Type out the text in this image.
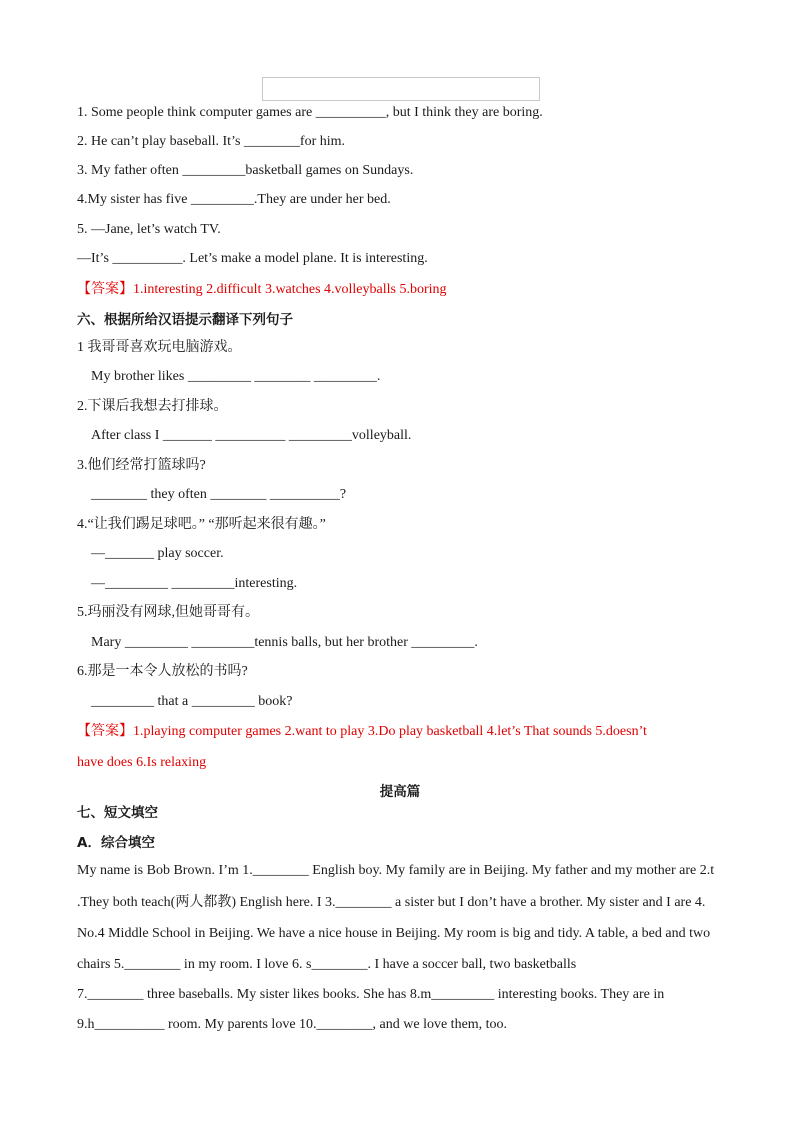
1. Some people think computer games are __________, but I think they are boring.
2. He can’t play baseball. It’s ________for him.
3. My father often _________basketball games on Sundays.
4.My sister has five _________.They are under her bed.
5. —Jane, let’s watch TV.
—It’s __________. Let’s make a model plane. It is interesting.
【答案】1.interesting 2.difficult 3.watches 4.volleyballs 5.boring
六、根据所给汉语提示翻译下列句子
1 我哥哥喜欢玩电脑游戏。
My brother likes _________ ________ _________.
2.下课后我想去打排球。
After class I _______ __________ _________volleyball.
3.他们经常打篮球吗?
________ they often ________ __________?
4.“让我们踢足球吧。” “那听起来很有趣。”
—_______ play soccer.
—_________ _________interesting.
5.玛丽没有网球,但她哥哥有。
Mary _________ _________tennis balls, but her brother _________.
6.那是一本令人放松的书吗?
_________ that a _________ book?
【答案】1.playing computer games 2.want to play 3.Do play basketball 4.let’s That sounds 5.doesn’t
have does 6.Is relaxing
提高篇
七、短文填空
A．综合填空
My name is Bob Brown. I’m 1.________ English boy. My family are in Beijing. My father and my mother are 2.t
.They both teach(两人都教) English here. I 3.________ a sister but I don’t have a brother. My sister and I are 4.
No.4 Middle School in Beijing. We have a nice house in Beijing. My room is big and tidy. A table, a bed and two
chairs 5.________ in my room. I love 6. s________. I have a soccer ball, two basketballs
7.________ three baseballs. My sister likes books. She has 8.m_________ interesting books. They are in
9.h__________ room. My parents love 10.________, and we love them, too.
